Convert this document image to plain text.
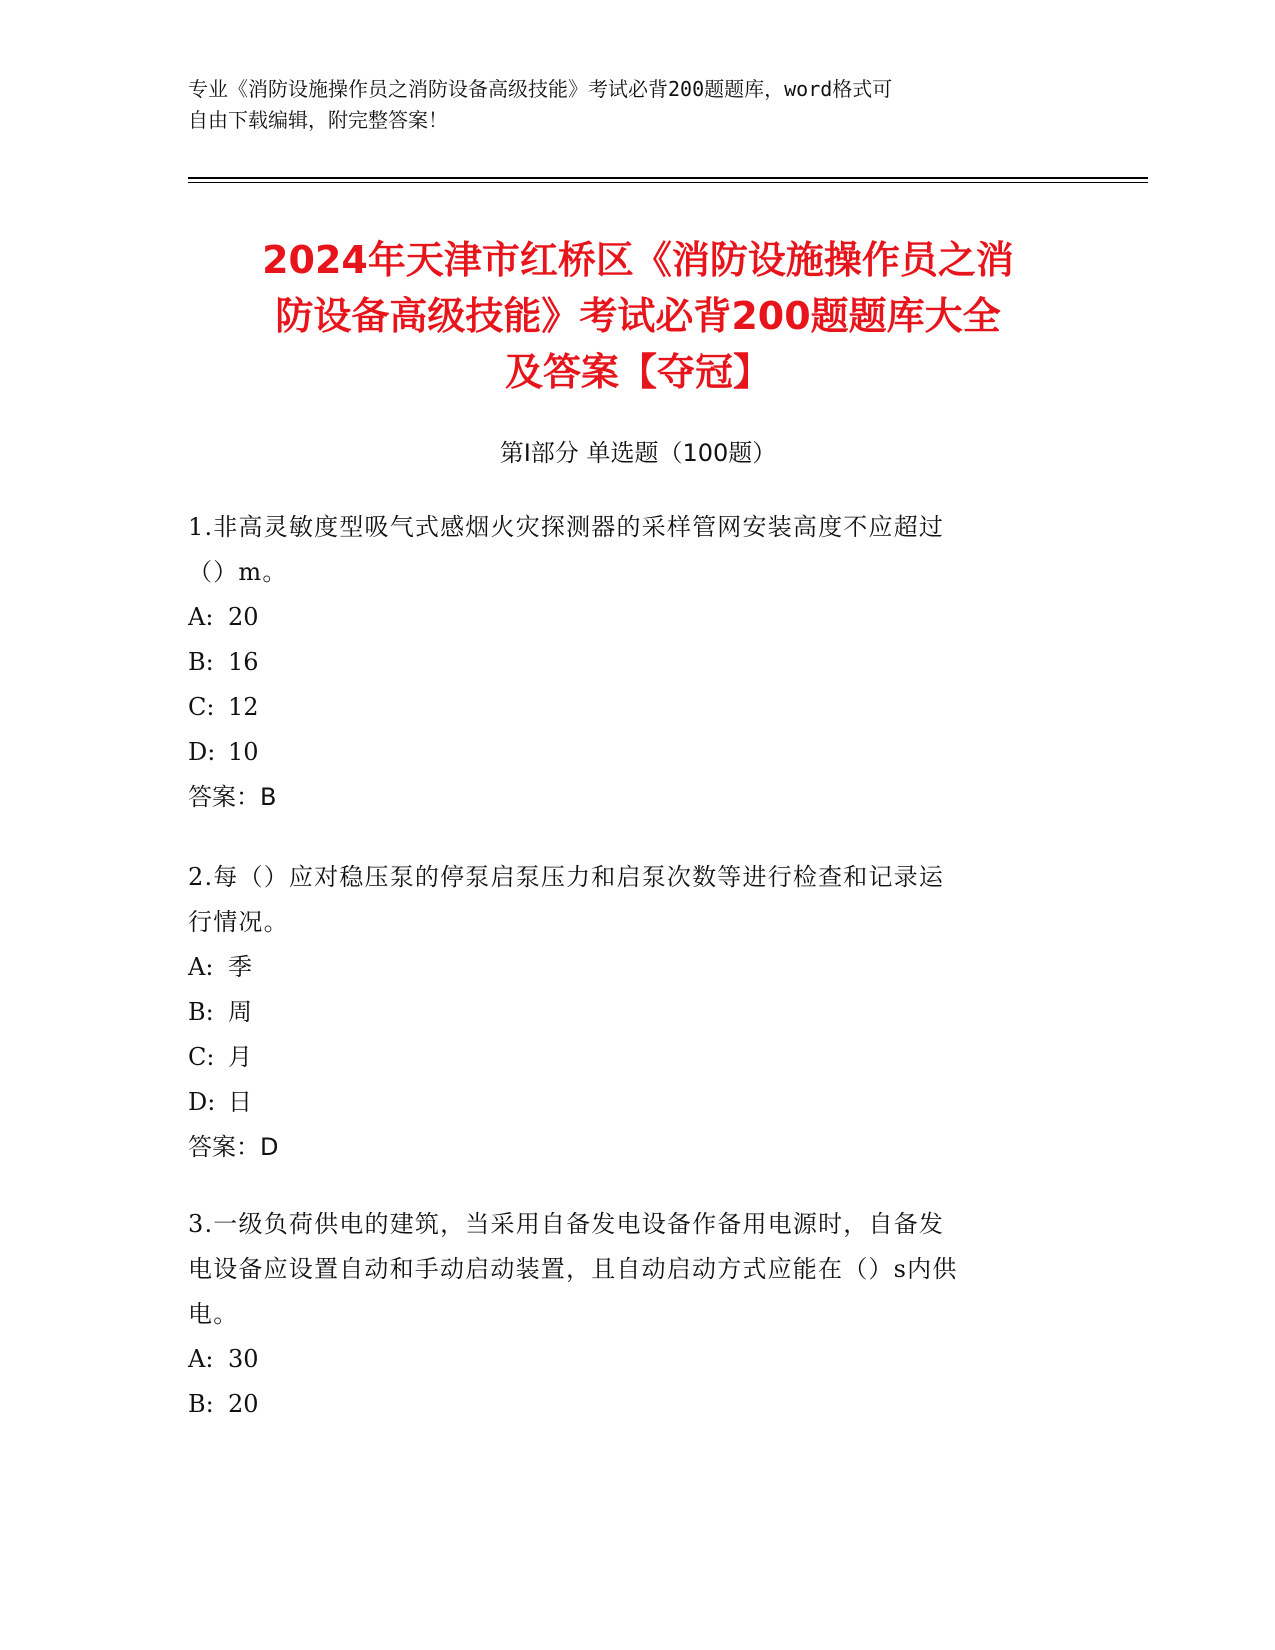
专业《消防设施操作员之消防设备高级技能》考试必背200题题库，word格式可
自由下载编辑，附完整答案！
2024年天津市红桥区《消防设施操作员之消
防设备高级技能》考试必背200题题库大全
及答案【夺冠】
第Ⅰ部分 单选题（100题）
1.非高灵敏度型吸气式感烟火灾探测器的采样管网安装高度不应超过
（）m。
A: 20
B: 16
C: 12
D: 10
答案：B
2.每（）应对稳压泵的停泵启泵压力和启泵次数等进行检查和记录运
行情况。
A: 季
B: 周
C: 月
D: 日
答案：D
3.一级负荷供电的建筑，当采用自备发电设备作备用电源时，自备发
电设备应设置自动和手动启动装置，且自动启动方式应能在（）s内供
电。
A: 30
B: 20
